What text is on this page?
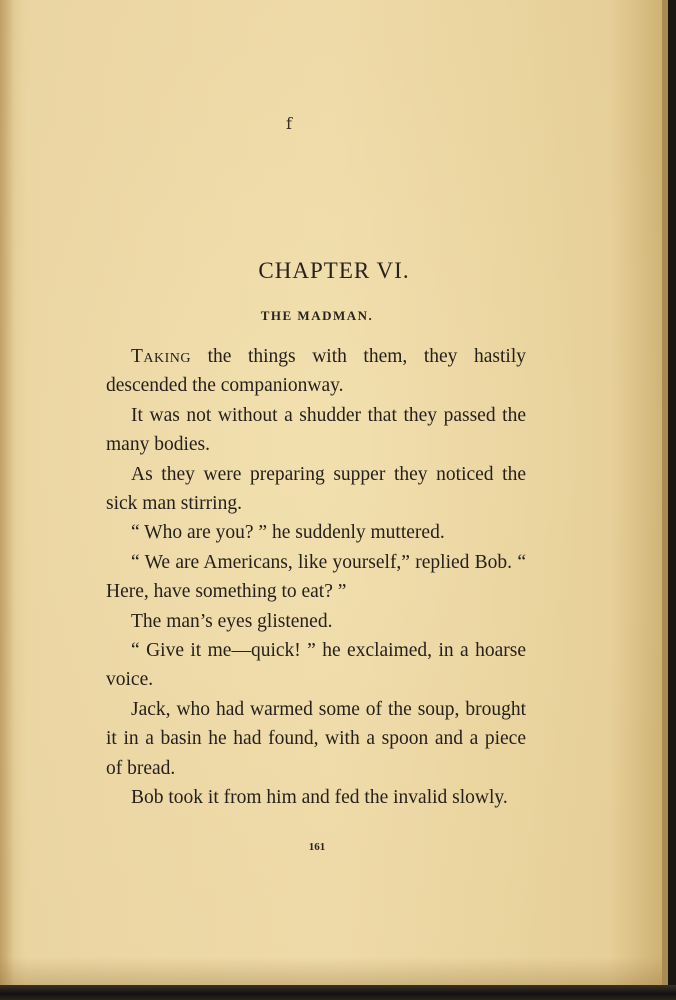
f
CHAPTER VI.
THE MADMAN.

Taking the things with them, they hastily descended the companionway.

It was not without a shudder that they passed the many bodies.

As they were preparing supper they noticed the sick man stirring.

“ Who are you? ” he suddenly muttered.

“ We are Americans, like yourself,” replied Bob. “ Here, have something to eat? ”

The man’s eyes glistened.

“ Give it me—quick! ” he exclaimed, in a hoarse voice.

Jack, who had warmed some of the soup, brought it in a basin he had found, with a spoon and a piece of bread.

Bob took it from him and fed the invalid slowly.

161
